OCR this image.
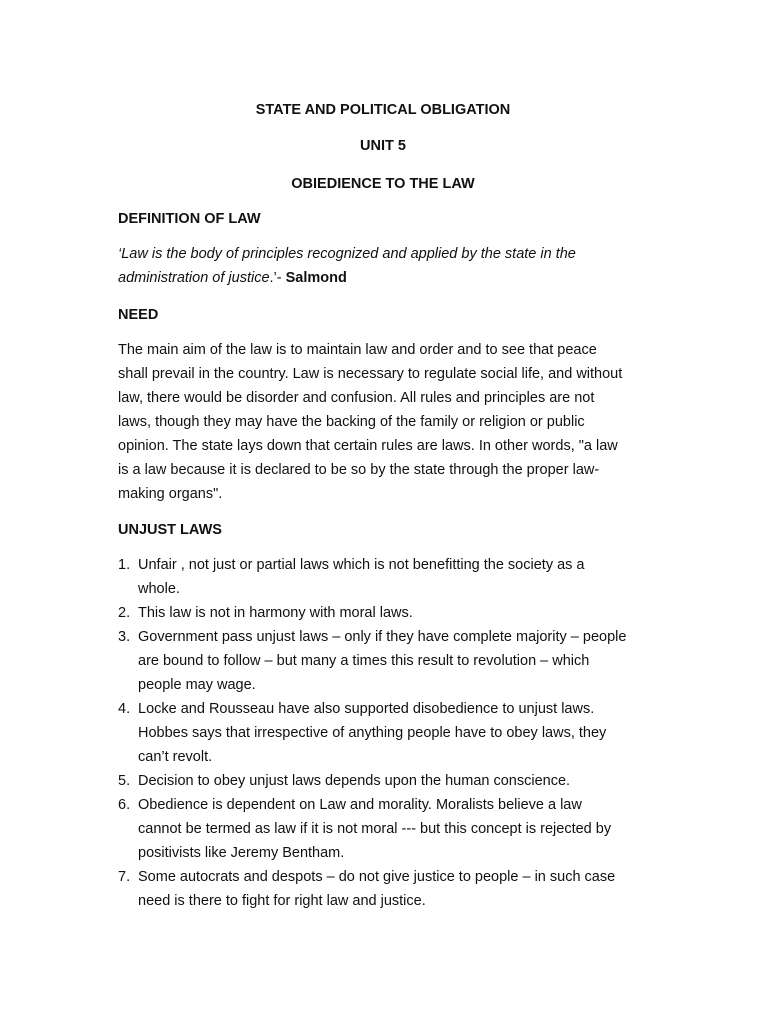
STATE AND POLITICAL OBLIGATION
UNIT 5
OBIEDIENCE TO THE LAW
DEFINITION OF LAW
‘Law is the body of principles recognized and applied by the state in the administration of justice.’- Salmond
NEED
The main aim of the law is to maintain law and order and to see that peace shall prevail in the country. Law is necessary to regulate social life, and without law, there would be disorder and confusion. All rules and principles are not laws, though they may have the backing of the family or religion or public opinion. The state lays down that certain rules are laws. In other words, "a law is a law because it is declared to be so by the state through the proper law-making organs".
UNJUST LAWS
1. Unfair , not just or partial laws which is not benefitting the society as a whole.
2. This law is not in harmony with moral laws.
3. Government pass unjust laws – only if they have complete majority – people are bound to follow – but many a times this result to revolution – which people may wage.
4. Locke and Rousseau have also supported disobedience to unjust laws. Hobbes says that irrespective of anything people have to obey laws, they can’t revolt.
5. Decision to obey unjust laws depends upon the human conscience.
6. Obedience is dependent on Law and morality. Moralists believe a law cannot be termed as law if it is not moral --- but this concept is rejected by positivists like Jeremy Bentham.
7. Some autocrats and despots – do not give justice to people – in such case need is there to fight for right law and justice.
